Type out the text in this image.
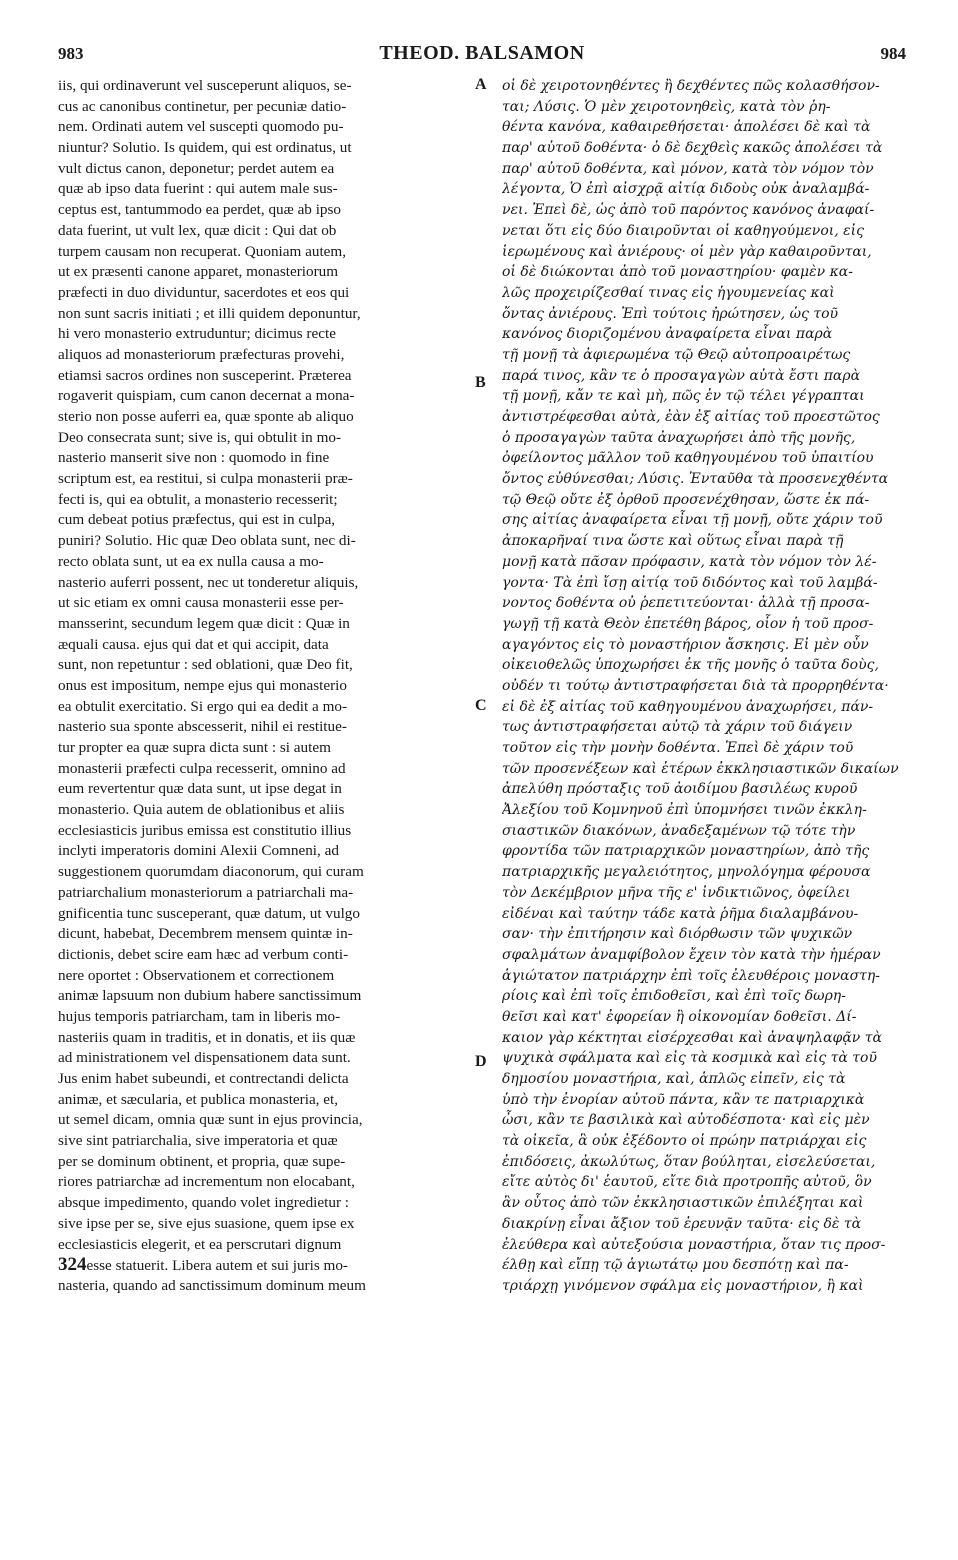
983	THEOD. BALSAMON	984
iis, qui ordinaverunt vel susceperunt aliquos, se-
cus ac canonibus continetur, per pecuniæ datio-
nem. Ordinati autem vel suscepti quomodo pu-
niuntur? Solutio. Is quidem, qui est ordinatus, ut
vult dictus canon, deponetur; perdet autem ea
quæ ab ipso data fuerint : qui autem male sus-
ceptus est, tantummodo ea perdet, quæ ab ipso
data fuerint, ut vult lex, quæ dicit : Qui dat ob
turpem causam non recuperat. Quoniam autem,
ut ex præsenti canone apparet, monasteriorum
præfecti in duo dividuntur, sacerdotes et eos qui
non sunt sacris initiati ; et illi quidem deponuntur,
hi vero monasterio extruduntur; dicimus recte
aliquos ad monasteriorum præfecturas provehi,
etiamsi sacros ordines non susceperint. Præterea
rogaverit quispiam, cum canon decernat a mona-
sterio non posse auferri ea, quæ sponte ab aliquo
Deo consecrata sunt; sive is, qui obtulit in mo-
nasterio manserit sive non : quomodo in fine
scriptum est, ea restitui, si culpa monasterii præ-
fecti is, qui ea obtulit, a monasterio recesserit;
cum debeat potius præfectus, qui est in culpa,
puniri? Solutio. Hic quæ Deo oblata sunt, nec di-
recto oblata sunt, ut ea ex nulla causa a mo-
nasterio auferri possent, nec ut tonderetur aliquis,
ut sic etiam ex omni causa monasterii esse per-
mansserint, secundum legem quæ dicit : Quæ in
æquali causa. ejus qui dat et qui accipit, data
sunt, non repetuntur : sed oblationi, quæ Deo fit,
onus est impositum, nempe ejus qui monasterio
ea obtulit exercitatio. Si ergo qui ea dedit a mo-
nasterio sua sponte abscesserit, nihil ei restitue-
tur propter ea quæ supra dicta sunt : si autem
monasterii præfecti culpa recesserit, omnino ad
eum revertentur quæ data sunt, ut ipse degat in
monasterio. Quia autem de oblationibus et aliis
ecclesiasticis juribus emissa est constitutio illius
inclyti imperatoris domini Alexii Comneni, ad
suggestionem quorumdam diaconorum, qui curam
patriarchalium monasteriorum a patriarchali ma-
gnificentia tunc susceperant, quæ datum, ut vulgo
dicunt, habebat, Decembrem mensem quintæ in-
dictionis, debet scire eam hæc ad verbum conti-
nere oportet : Observationem et correctionem
animæ lapsuum non dubium habere sanctissimum
hujus temporis patriarcham, tam in liberis mo-
nasteriis quam in traditis, et in donatis, et iis quæ
ad ministrationem vel dispensationem data sunt.
Jus enim habet subeundi, et contrectandi delicta
animæ, et sæcularia, et publica monasteria, et,
ut semel dicam, omnia quæ sunt in ejus provincia,
sive sint patriarchalia, sive imperatoria et quæ
per se dominum obtinent, et propria, quæ supe-
riores patriarchæ ad incrementum non elocabant,
absque impedimento, quando volet ingredietur :
sive ipse per se, sive ejus suasione, quem ipse ex
ecclesiasticis elegerit, et ea perscrutari dignum
324esse statuerit. Libera autem et sui juris mo-
nasteria, quando ad sanctissimum dominum meum
οἱ δὲ χειροτονηθέντες ἢ δεχθέντες πῶς κολασθήσον-
ται; Λύσις. Ὁ μὲν χειροτονηθεὶς, κατὰ τὸν ῥη-
θέντα κανόνα, καθαιρεθήσεται· ἀπολέσει δὲ καὶ τὰ
παρ' αὐτοῦ δοθέντα· ὁ δὲ δεχθεὶς κακῶς ἀπολέσει τὰ
παρ' αὐτοῦ δοθέντα, καὶ μόνον, κατὰ τὸν νόμον τὸν
λέγοντα, Ὁ ἐπὶ αἰσχρᾷ αἰτίᾳ διδοὺς οὐκ ἀναλαμβά-
νει. Ἐπεὶ δὲ, ὡς ἀπὸ τοῦ παρόντος κανόνος ἀναφαί-
νεται ὅτι εἰς δύο διαιροῦνται οἱ καθηγούμενοι, εἰς
ἱερωμένους καὶ ἀνιέρους· οἱ μὲν γὰρ καθαιροῦνται,
οἱ δὲ διώκονται ἀπὸ τοῦ μοναστηρίου· φαμὲν κα-
λῶς προχειρίζεσθαί τινας εἰς ἡγουμενείας καὶ
ὄντας ἀνιέρους. Ἐπὶ τούτοις ἠρώτησεν, ὡς τοῦ
κανόνος διοριζομένου ἀναφαίρετα εἶναι παρὰ
τῇ μονῇ τὰ ἀφιερωμένα τῷ Θεῷ αὐτοπροαιρέτως
παρά τινος, κἂν τε ὁ προσαγαγὼν αὐτὰ ἔστι παρὰ
τῇ μονῇ, κἄν τε καὶ μὴ, πῶς ἐν τῷ τέλει γέγραπται
ἀντιστρέφεσθαι αὐτὰ, ἐὰν ἐξ αἰτίας τοῦ προεστῶτος
ὁ προσαγαγὼν ταῦτα ἀναχωρήσει ἀπὸ τῆς μονῆς,
ὀφείλοντος μᾶλλον τοῦ καθηγουμένου τοῦ ὑπαιτίου
ὄντος εὐθύνεσθαι; Λύσις. Ἐνταῦθα τὰ προσενεχθέντα
τῷ Θεῷ οὔτε ἐξ ὀρθοῦ προσενέχθησαν, ὥστε ἐκ πά-
σης αἰτίας ἀναφαίρετα εἶναι τῇ μονῇ, οὔτε χάριν τοῦ
ἀποκαρῆναί τινα ὥστε καὶ οὕτως εἶναι παρὰ τῇ
μονῇ κατὰ πᾶσαν πρόφασιν, κατὰ τὸν νόμον τὸν λέ-
γοντα· Τὰ ἐπὶ ἴσῃ αἰτίᾳ τοῦ διδόντος καὶ τοῦ λαμβά-
νοντος δοθέντα οὐ ῥεπετιτεύονται· ἀλλὰ τῇ προσα-
γωγῇ τῇ κατὰ Θεὸν ἐπετέθη βάρος, οἷον ἡ τοῦ προσ-
αγαγόντος εἰς τὸ μοναστήριον ἄσκησις. Εἰ μὲν οὖν
οἰκειοθελῶς ὑποχωρήσει ἐκ τῆς μονῆς ὁ ταῦτα δοὺς,
οὐδέν τι τούτῳ ἀντιστραφήσεται διὰ τὰ προρρηθέντα·
εἰ δὲ ἐξ αἰτίας τοῦ καθηγουμένου ἀναχωρήσει, πάν-
τως ἀντιστραφήσεται αὐτῷ τὰ χάριν τοῦ διάγειν
τοῦτον εἰς τὴν μονὴν δοθέντα. Ἐπεὶ δὲ χάριν τοῦ
τῶν προσενέξεων καὶ ἑτέρων ἐκκλησιαστικῶν δικαίων
ἀπελύθη πρόσταξις τοῦ ἀοιδίμου βασιλέως κυροῦ
Ἀλεξίου τοῦ Κομνηνοῦ ἐπὶ ὑπομνήσει τινῶν ἐκκλη-
σιαστικῶν διακόνων, ἀναδεξαμένων τῷ τότε τὴν
φροντίδα τῶν πατριαρχικῶν μοναστηρίων, ἀπὸ τῆς
πατριαρχικῆς μεγαλειότητος, μηνολόγημα φέρουσα
τὸν Δεκέμβριον μῆνα τῆς ε' ἰνδικτιῶνος, ὀφείλει
εἰδέναι καὶ ταύτην τάδε κατὰ ῥῆμα διαλαμβάνου-
σαν· τὴν ἐπιτήρησιν καὶ διόρθωσιν τῶν ψυχικῶν
σφαλμάτων ἀναμφίβολον ἔχειν τὸν κατὰ τὴν ἡμέραν
ἁγιώτατον πατριάρχην ἐπὶ τοῖς ἐλευθέροις μοναστη-
ρίοις καὶ ἐπὶ τοῖς ἐπιδοθεῖσι, καὶ ἐπὶ τοῖς δωρη-
θεῖσι καὶ κατ' ἐφορείαν ἢ οἰκονομίαν δοθεῖσι. Δί-
καιον γὰρ κέκτηται εἰσέρχεσθαι καὶ ἀναψηλαφᾷν τὰ
ψυχικὰ σφάλματα καὶ εἰς τὰ κοσμικὰ καὶ εἰς τὰ τοῦ
δημοσίου μοναστήρια, καὶ, ἁπλῶς εἰπεῖν, εἰς τὰ
ὑπὸ τὴν ἐνορίαν αὐτοῦ πάντα, κἂν τε πατριαρχικὰ
ὦσι, κἂν τε βασιλικὰ καὶ αὐτοδέσποτα· καὶ εἰς μὲν
τὰ οἰκεῖα, ἃ οὐκ ἐξέδοντο οἱ πρώην πατριάρχαι εἰς
ἐπιδόσεις, ἀκωλύτως, ὅταν βούληται, εἰσελεύσεται,
εἴτε αὐτὸς δι' ἑαυτοῦ, εἴτε διὰ προτροπῆς αὐτοῦ, ὃν
ἂν οὗτος ἀπὸ τῶν ἐκκλησιαστικῶν ἐπιλέξηται καὶ
διακρίνῃ εἶναι ἄξιον τοῦ ἐρευνᾷν ταῦτα· εἰς δὲ τὰ
ἐλεύθερα καὶ αὐτεξούσια μοναστήρια, ὅταν τις προσ-
έλθῃ καὶ εἴπῃ τῷ ἁγιωτάτῳ μου δεσπότῃ καὶ πα-
τριάρχῃ γινόμενον σφάλμα εἰς μοναστήριον, ἢ καὶ
A
B
C
D
